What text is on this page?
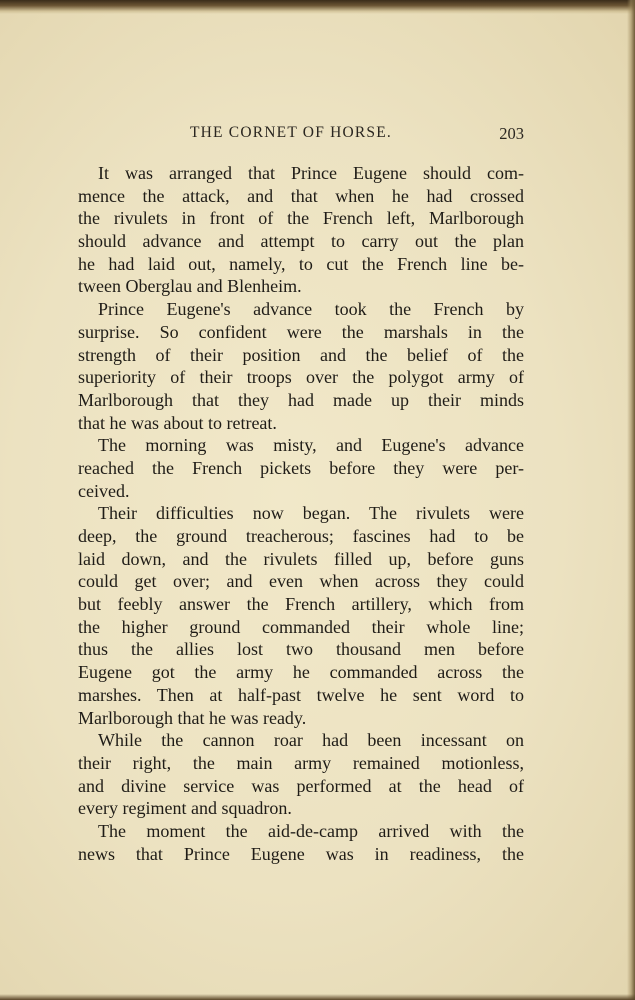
THE CORNET OF HORSE.	203
It was arranged that Prince Eugene should com-
mence the attack, and that when he had crossed
the rivulets in front of the French left, Marlborough
should advance and attempt to carry out the plan
he had laid out, namely, to cut the French line be-
tween Oberglau and Blenheim.
Prince Eugene's advance took the French by
surprise. So confident were the marshals in the
strength of their position and the belief of the
superiority of their troops over the polygot army of
Marlborough that they had made up their minds
that he was about to retreat.
The morning was misty, and Eugene's advance
reached the French pickets before they were per-
ceived.
Their difficulties now began. The rivulets were
deep, the ground treacherous; fascines had to be
laid down, and the rivulets filled up, before guns
could get over; and even when across they could
but feebly answer the French artillery, which from
the higher ground commanded their whole line;
thus the allies lost two thousand men before
Eugene got the army he commanded across the
marshes. Then at half-past twelve he sent word to
Marlborough that he was ready.
While the cannon roar had been incessant on
their right, the main army remained motionless,
and divine service was performed at the head of
every regiment and squadron.
The moment the aid-de-camp arrived with the
news that Prince Eugene was in readiness, the
